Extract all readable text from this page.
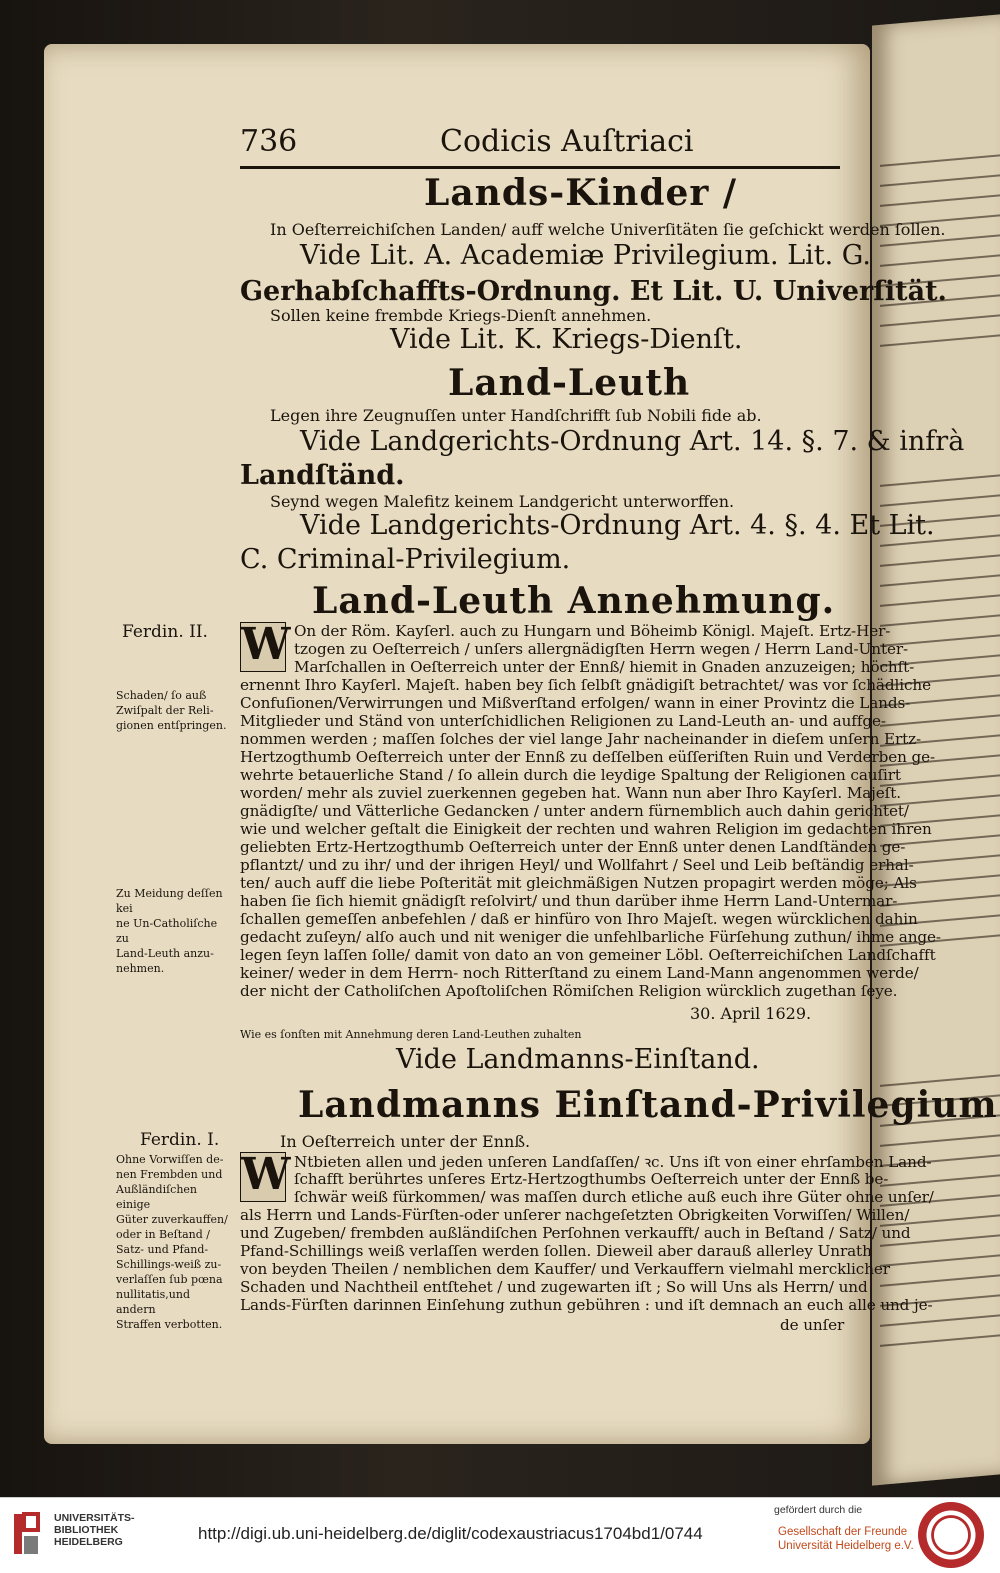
736	Codicis Auſtriaci
Lands-Kinder /
In Oeſterreichiſchen Landen/ auff welche Univerſitäten ſie geſchickt werden ſollen.
Vide Lit. A. Academiæ Privilegium. Lit. G.
Gerhabſchaffts-Ordnung. Et Lit. U. Univerſität.
Sollen keine frembde Kriegs-Dienſt annehmen.
Vide Lit. K. Kriegs-Dienſt.
Land-Leuth
Legen ihre Zeugnuſſen unter Handſchrifft ſub Nobili fide ab.
Vide Landgerichts-Ordnung Art. 14. §. 7. & infrà
Landſtänd.
Seynd wegen Malefitz keinem Landgericht unterworffen.
Vide Landgerichts-Ordnung Art. 4. §. 4. Et Lit.
C. Criminal-Privilegium.
Land-Leuth Annehmung.
W
Ferdin. II.
Schaden/ ſo auß
Zwiſpalt der Reli-
gionen entſpringen.
Zu Meidung deſſen kei
ne Un-Catholiſche zu
Land-Leuth anzu-
nehmen.
On der Röm. Kayſerl. auch zu Hungarn und Böheimb Königl. Majeſt. Ertz-Her-
tzogen zu Oeſterreich / unſers allergnädigſten Herrn wegen / Herrn Land-Unter-
Marſchallen in Oeſterreich unter der Ennß/ hiemit in Gnaden anzuzeigen; höchſt-
ernennt Ihro Kayſerl. Majeſt. haben bey ſich ſelbſt gnädigiſt betrachtet/ was vor ſchädliche
Confuſionen/Verwirrungen und Mißverſtand erfolgen/ wann in einer Provintz die Lands-
Mitglieder und Ständ von unterſchidlichen Religionen zu Land-Leuth an- und auffge-
nommen werden ; maſſen ſolches der viel lange Jahr nacheinander in dieſem unſern Ertz-
Hertzogthumb Oeſterreich unter der Ennß zu deſſelben eüſſeriſten Ruin und Verderben ge-
wehrte betauerliche Stand / ſo allein durch die leydige Spaltung der Religionen cauſirt
worden/ mehr als zuviel zuerkennen gegeben hat. Wann nun aber Ihro Kayſerl. Majeſt.
gnädigſte/ und Vätterliche Gedancken / unter andern fürnemblich auch dahin gerichtet/
wie und welcher geſtalt die Einigkeit der rechten und wahren Religion im gedachten ihren
geliebten Ertz-Hertzogthumb Oeſterreich unter der Ennß unter denen Landſtänden ge-
pflantzt/ und zu ihr/ und der ihrigen Heyl/ und Wollfahrt / Seel und Leib beſtändig erhal-
ten/ auch auff die liebe Poſterität mit gleichmäßigen Nutzen propagirt werden möge; Als
haben ſie ſich hiemit gnädigſt reſolvirt/ und thun darüber ihme Herrn Land-Untermar-
ſchallen gemeſſen anbefehlen / daß er hinfüro von Ihro Majeſt. wegen würcklichen dahin
gedacht zuſeyn/ alſo auch und nit weniger die unfehlbarliche Fürſehung zuthun/ ihme ange-
legen ſeyn laſſen ſolle/ damit von dato an von gemeiner Löbl. Oeſterreichiſchen Landſchafft
keiner/ weder in dem Herrn- noch Ritterſtand zu einem Land-Mann angenommen werde/
der nicht der Catholiſchen Apoſtoliſchen Römiſchen Religion würcklich zugethan ſeye.
30. April 1629.
Wie es ſonſten mit Annehmung deren Land-Leuthen zuhalten
Vide Landmanns-Einſtand.
Landmanns Einſtand-Privilegium
In Oeſterreich unter der Ennß.
W
Ferdin. I.
Ohne Vorwiſſen de-
nen Frembden und
Außländiſchen einige
Güter zuverkauffen/
oder in Beſtand /
Satz- und Pfand-
Schillings-weiß zu-
verlaſſen ſub pœna
nullitatis,und andern
Straffen verbotten.
Ntbieten allen und jeden unſeren Landſaſſen/ ꝛc. Uns iſt von einer ehrſamben Land-
ſchafft berührtes unſeres Ertz-Hertzogthumbs Oeſterreich unter der Ennß be-
ſchwär weiß fürkommen/ was maſſen durch etliche auß euch ihre Güter ohne unſer/
als Herrn und Lands-Fürſten-oder unſerer nachgeſetzten Obrigkeiten Vorwiſſen/ Willen/
und Zugeben/ frembden außländiſchen Perſohnen verkaufft/ auch in Beſtand / Satz/ und
Pfand-Schillings weiß verlaſſen werden ſollen. Dieweil aber darauß allerley Unrath
von beyden Theilen / nemblichen dem Kauffer/ und Verkauffern vielmahl mercklicher
Schaden und Nachtheil entſtehet / und zugewarten iſt ; So will Uns als Herrn/ und
Lands-Fürſten darinnen Einſehung zuthun gebühren : und iſt demnach an euch alle und je-
de unſer
UNIVERSITÄTS-
BIBLIOTHEK
HEIDELBERG	http://digi.ub.uni-heidelberg.de/diglit/codexaustriacus1704bd1/0744
gefördert durch die
Gesellschaft der Freunde
Universität Heidelberg e.V.
